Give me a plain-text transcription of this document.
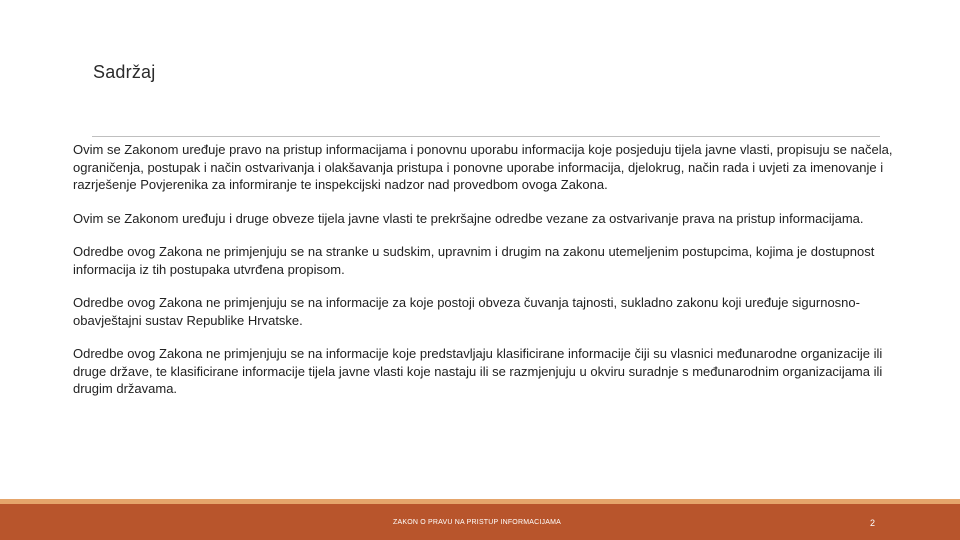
Sadržaj

Ovim se Zakonom uređuje pravo na pristup informacijama i ponovnu uporabu informacija koje posjeduju tijela javne vlasti, propisuju se načela, ograničenja, postupak i način ostvarivanja i olakšavanja pristupa i ponovne uporabe informacija, djelokrug, način rada i uvjeti za imenovanje i razrješenje Povjerenika za informiranje te inspekcijski nadzor nad provedbom ovoga Zakona.

Ovim se Zakonom uređuju i druge obveze tijela javne vlasti te prekršajne odredbe vezane za ostvarivanje prava na pristup informacijama.

Odredbe ovog Zakona ne primjenjuju se na stranke u sudskim, upravnim i drugim na zakonu utemeljenim postupcima, kojima je dostupnost informacija iz tih postupaka utvrđena propisom.

Odredbe ovog Zakona ne primjenjuju se na informacije za koje postoji obveza čuvanja tajnosti, sukladno zakonu koji uređuje sigurnosno-obavještajni sustav Republike Hrvatske.

Odredbe ovog Zakona ne primjenjuju se na informacije koje predstavljaju klasificirane informacije čiji su vlasnici međunarodne organizacije ili druge države, te klasificirane informacije tijela javne vlasti koje nastaju ili se razmjenjuju u okviru suradnje s međunarodnim organizacijama ili drugim državama.

ZAKON O PRAVU NA PRISTUP INFORMACIJAMA	2
